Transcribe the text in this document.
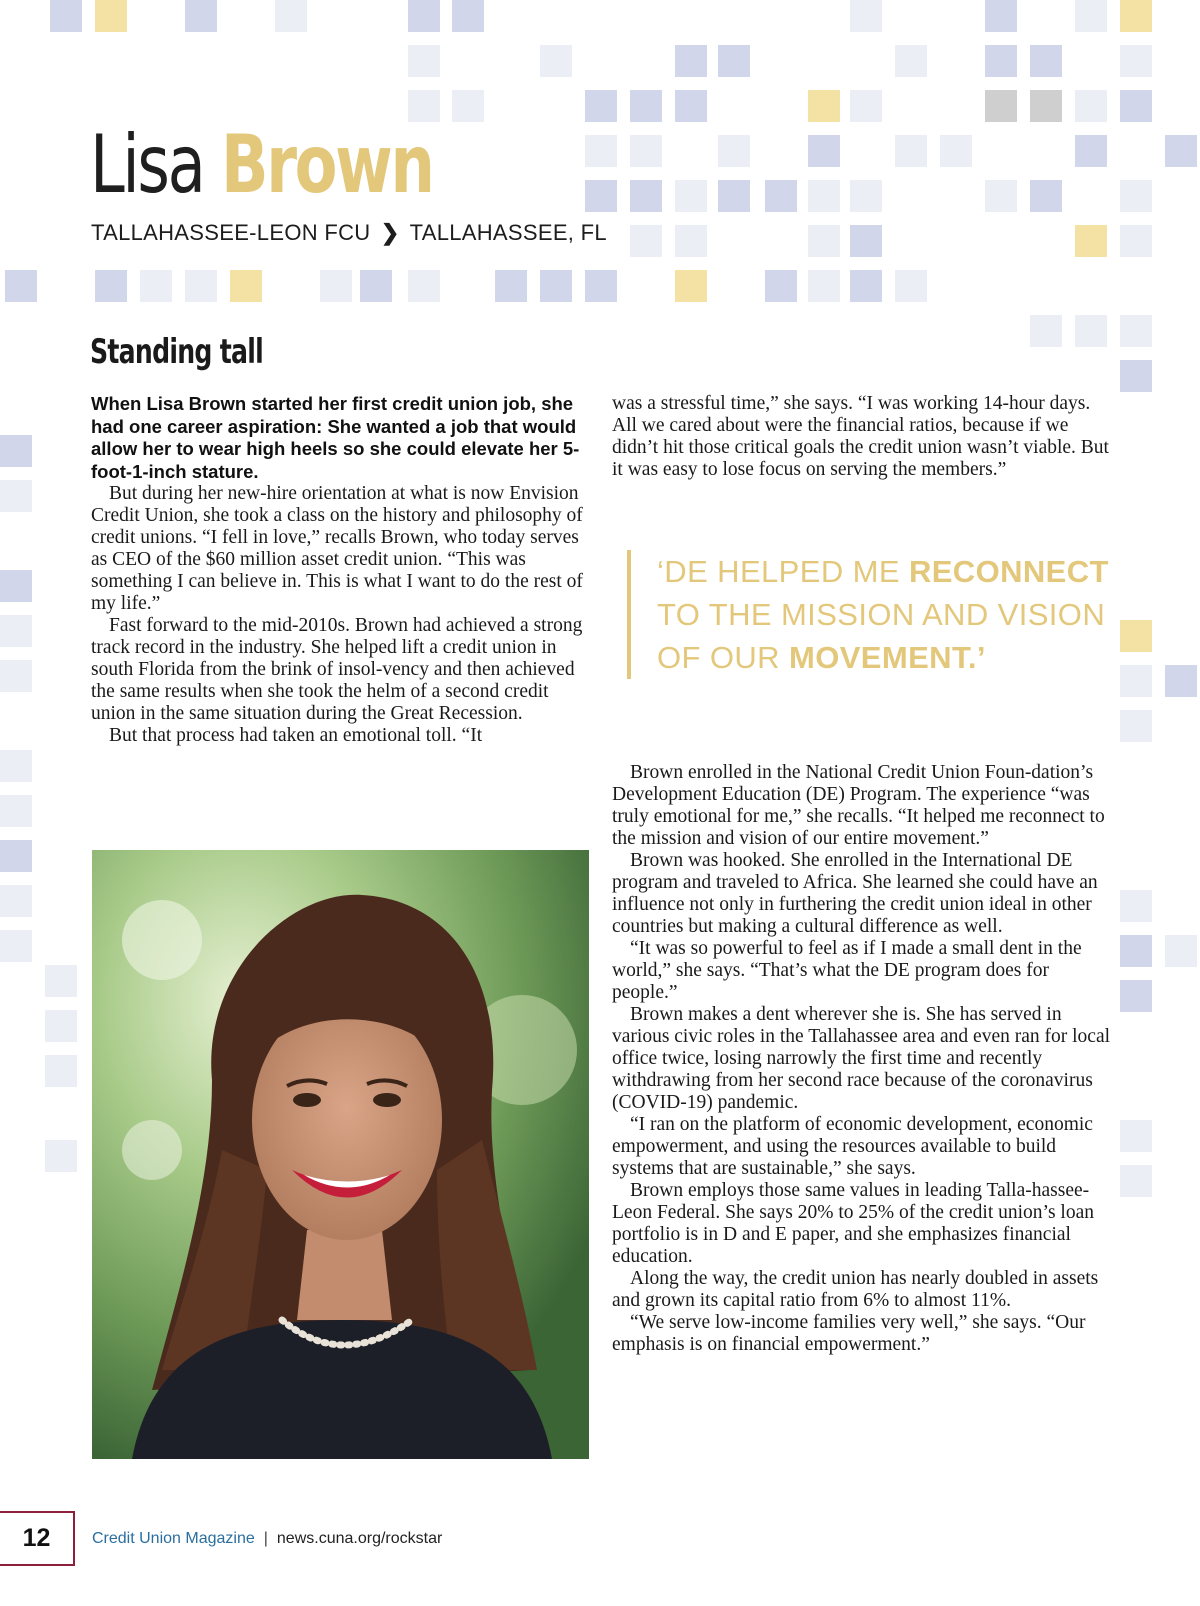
Lisa Brown
TALLAHASSEE-LEON FCU ❯ TALLAHASSEE, FL
Standing tall

When Lisa Brown started her first credit union job, she had one career aspiration: She wanted a job that would allow her to wear high heels so she could elevate her 5-foot-1-inch stature.

But during her new-hire orientation at what is now Envision Credit Union, she took a class on the history and philosophy of credit unions. “I fell in love,” recalls Brown, who today serves as CEO of the $60 million asset credit union. “This was something I can believe in. This is what I want to do the rest of my life.”

Fast forward to the mid-2010s. Brown had achieved a strong track record in the industry. She helped lift a credit union in south Florida from the brink of insol-vency and then achieved the same results when she took the helm of a second credit union in the same situation during the Great Recession.

But that process had taken an emotional toll. “It

was a stressful time,” she says. “I was working 14-hour days. All we cared about were the financial ratios, because if we didn’t hit those critical goals the credit union wasn’t viable. But it was easy to lose focus on serving the members.”

‘DE HELPED ME RECONNECT TO THE MISSION AND VISION OF OUR MOVEMENT.’

Brown enrolled in the National Credit Union Foun-dation’s Development Education (DE) Program. The experience “was truly emotional for me,” she recalls. “It helped me reconnect to the mission and vision of our entire movement.”

Brown was hooked. She enrolled in the International DE program and traveled to Africa. She learned she could have an influence not only in furthering the credit union ideal in other countries but making a cultural difference as well.

“It was so powerful to feel as if I made a small dent in the world,” she says. “That’s what the DE program does for people.”

Brown makes a dent wherever she is. She has served in various civic roles in the Tallahassee area and even ran for local office twice, losing narrowly the first time and recently withdrawing from her second race because of the coronavirus (COVID-19) pandemic.

“I ran on the platform of economic development, economic empowerment, and using the resources available to build systems that are sustainable,” she says.

Brown employs those same values in leading Talla-hassee-Leon Federal. She says 20% to 25% of the credit union’s loan portfolio is in D and E paper, and she emphasizes financial education.

Along the way, the credit union has nearly doubled in assets and grown its capital ratio from 6% to almost 11%.

“We serve low-income families very well,” she says. “Our emphasis is on financial empowerment.”

12	Credit Union Magazine | news.cuna.org/rockstar
